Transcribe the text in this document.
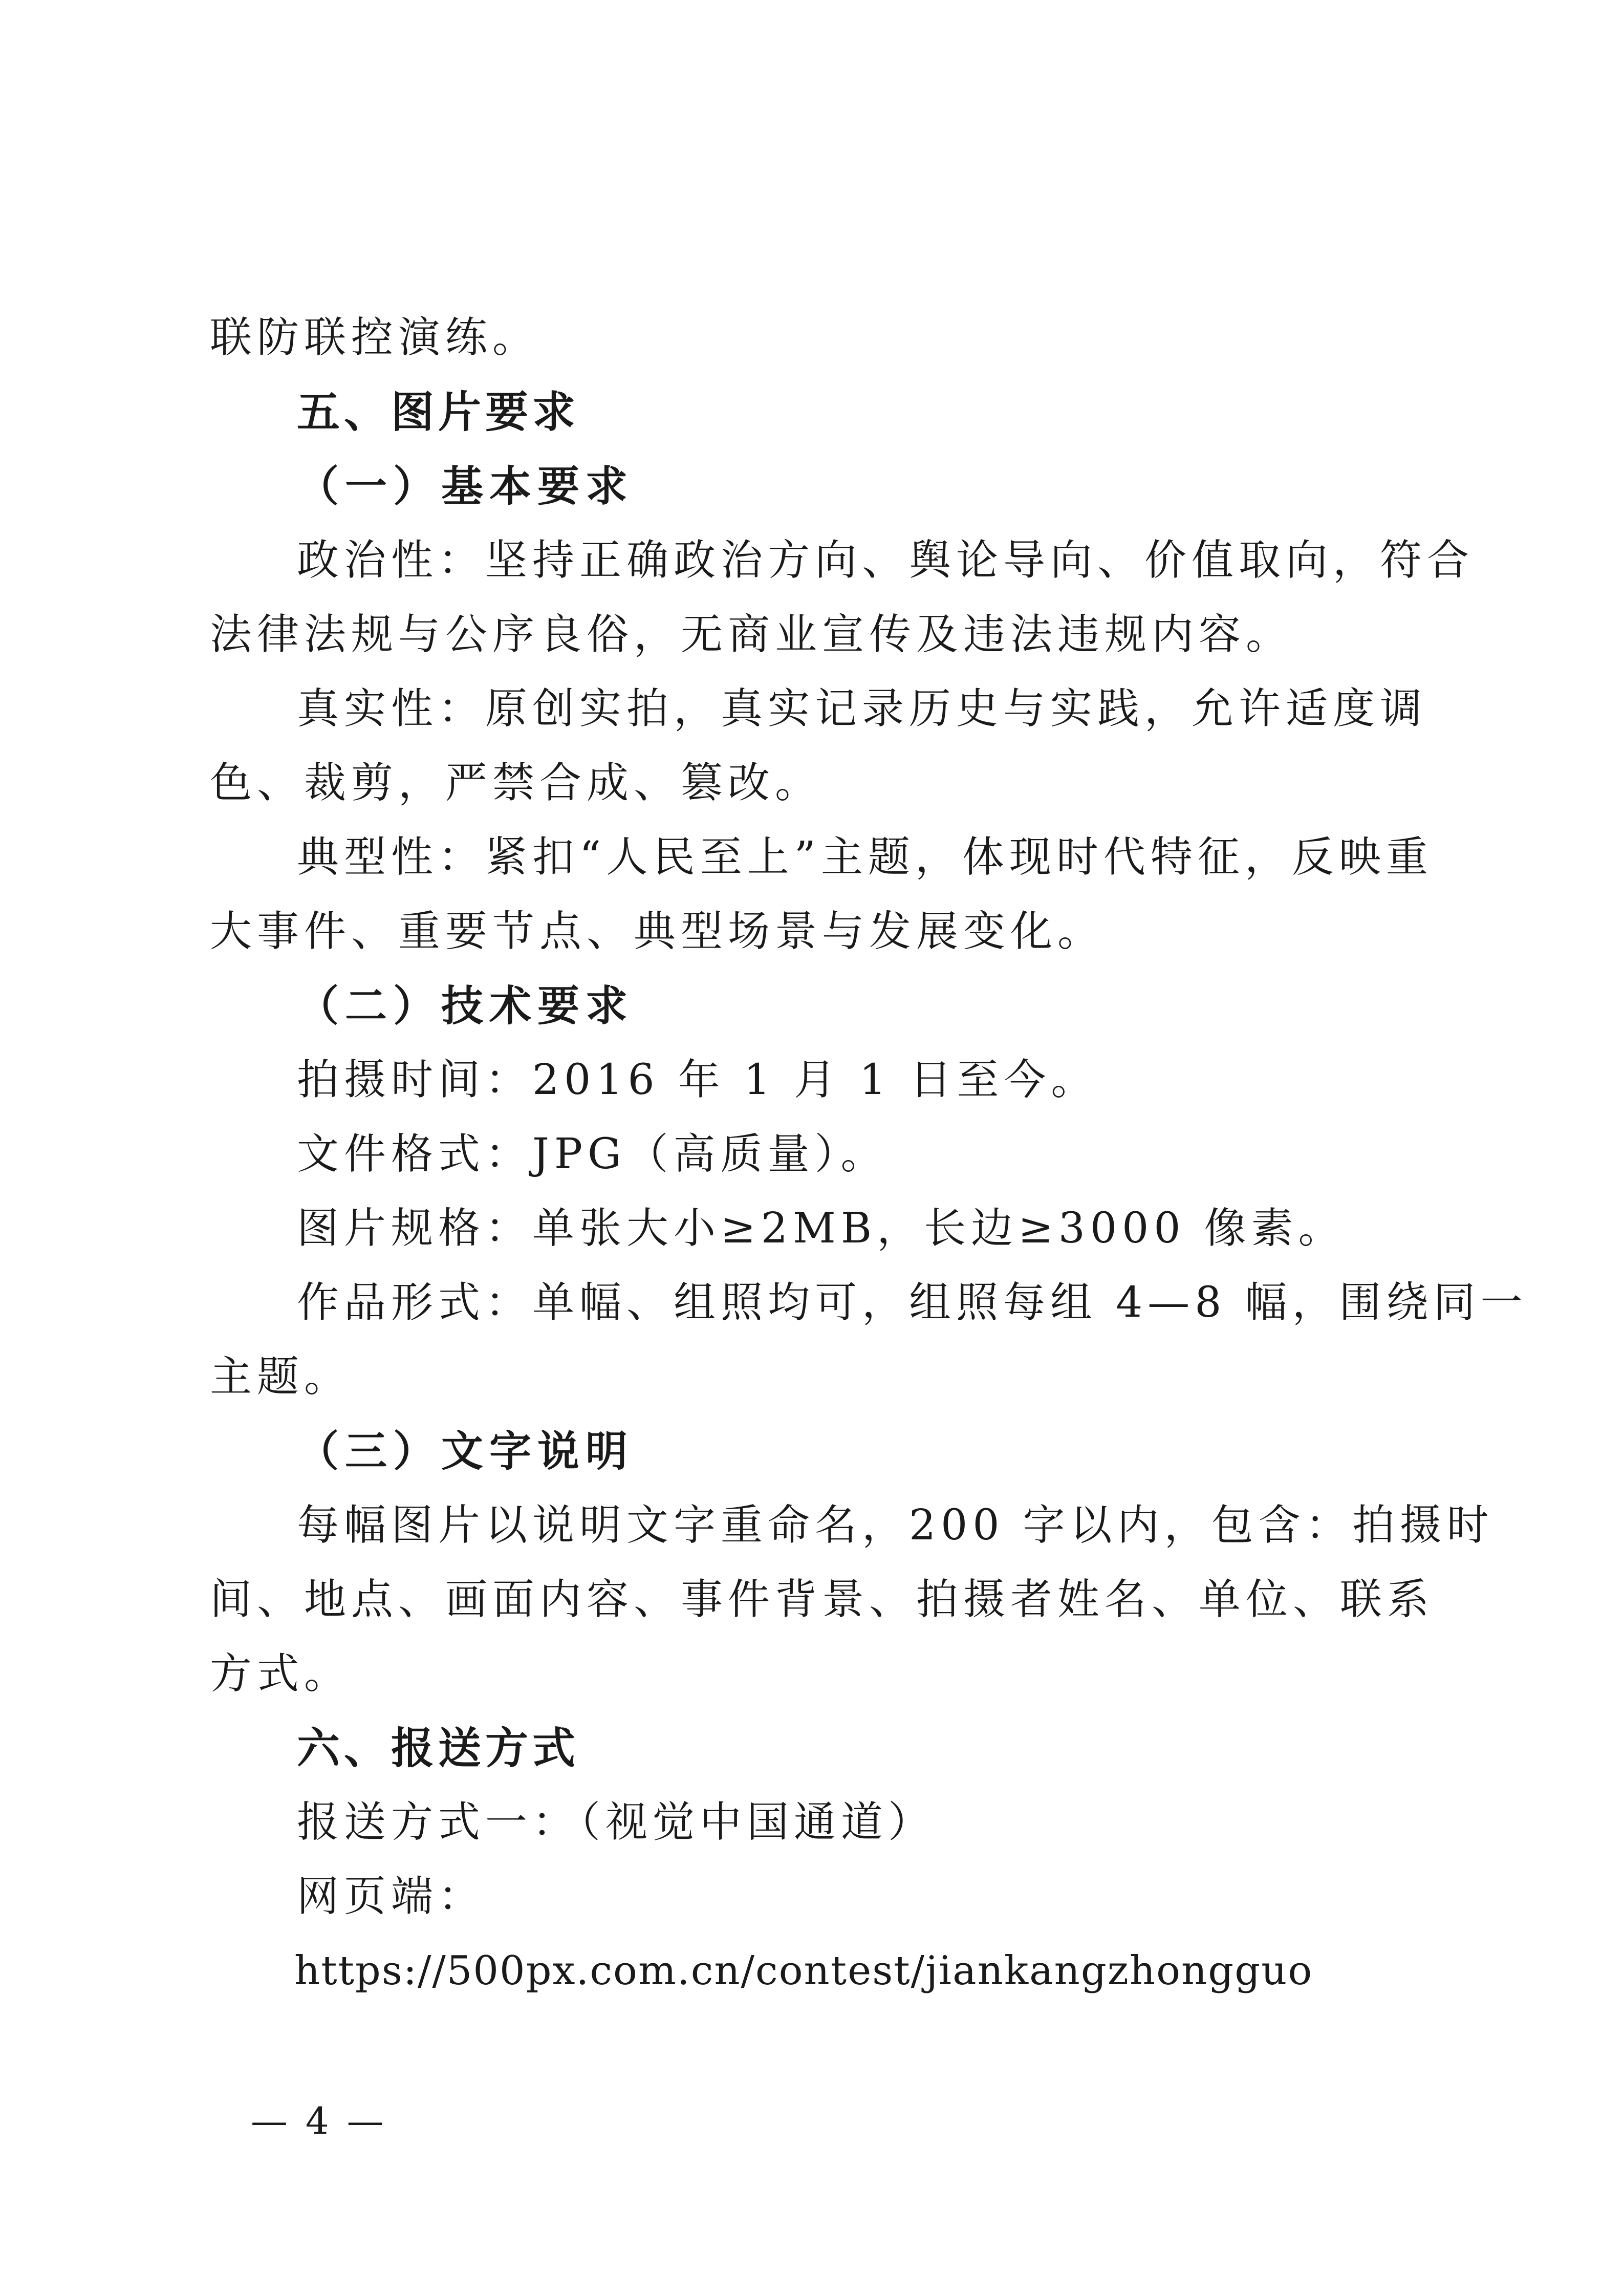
联防联控演练。

五、图片要求

（一）基本要求

政治性：坚持正确政治方向、舆论导向、价值取向，符合

法律法规与公序良俗，无商业宣传及违法违规内容。

真实性：原创实拍，真实记录历史与实践，允许适度调

色、裁剪，严禁合成、篡改。

典型性：紧扣“人民至上”主题，体现时代特征，反映重

大事件、重要节点、典型场景与发展变化。

（二）技术要求

拍摄时间：2016 年 1 月 1 日至今。

文件格式：JPG（高质量）。

图片规格：单张大小≥2MB，长边≥3000 像素。

作品形式：单幅、组照均可，组照每组 4—8 幅，围绕同一

主题。

（三）文字说明

每幅图片以说明文字重命名，200 字以内，包含：拍摄时

间、地点、画面内容、事件背景、拍摄者姓名、单位、联系

方式。

六、报送方式

报送方式一：（视觉中国通道）

网页端：

https://500px.com.cn/contest/jiankangzhongguo

— 4 —
